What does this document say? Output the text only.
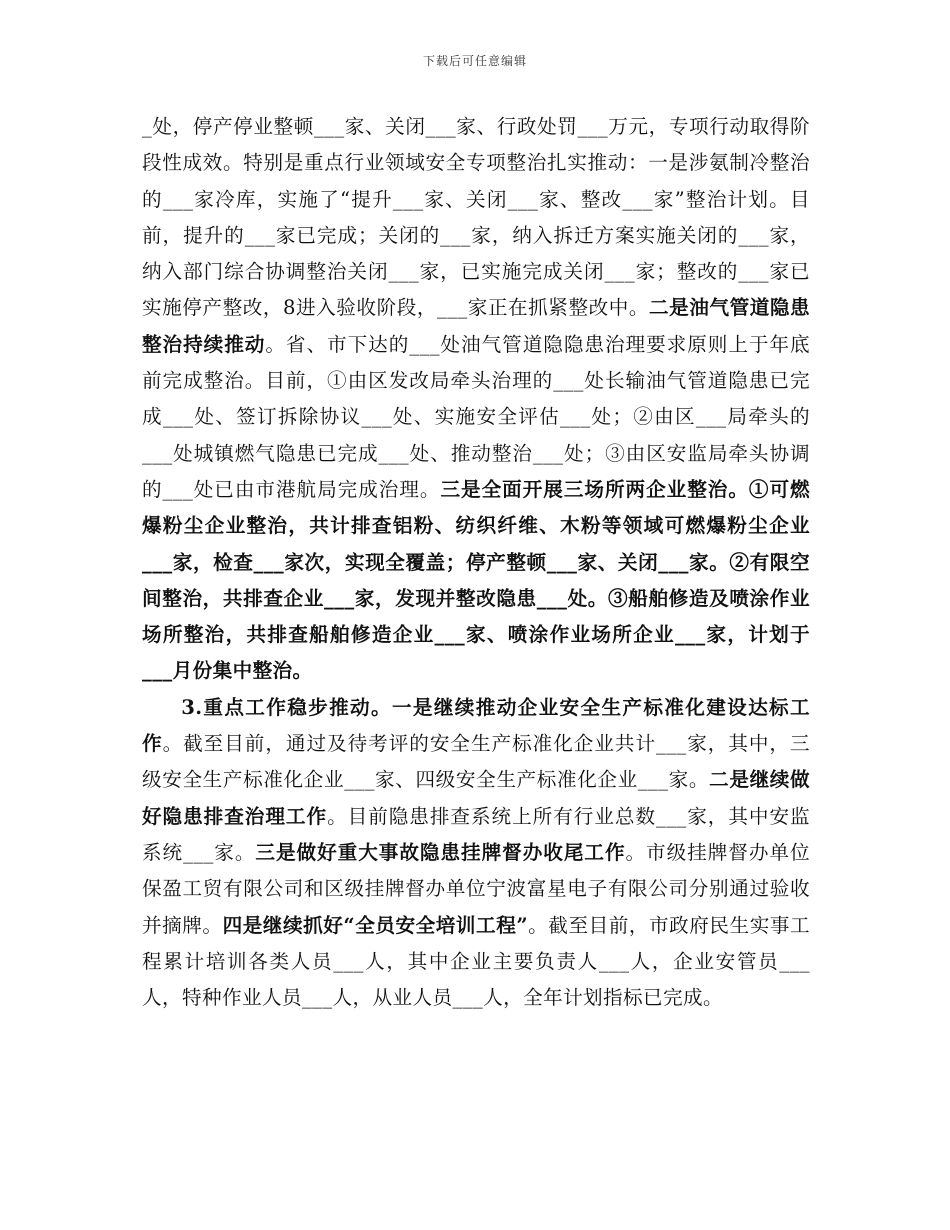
下载后可任意编辑

_处，停产停业整顿___家、关闭___家、行政处罚___万元，专项行动取得阶段性成效。特别是重点行业领域安全专项整治扎实推动：一是涉氨制冷整治的___家冷库，实施了“提升___家、关闭___家、整改___家”整治计划。目前，提升的___家已完成；关闭的___家，纳入拆迁方案实施关闭的___家，纳入部门综合协调整治关闭___家，已实施完成关闭___家；整改的___家已实施停产整改，8进入验收阶段，___家正在抓紧整改中。二是油气管道隐患整治持续推动。省、市下达的___处油气管道隐隐患治理要求原则上于年底前完成整治。目前，①由区发改局牵头治理的___处长输油气管道隐患已完成___处、签订拆除协议___处、实施安全评估___处；②由区___局牵头的___处城镇燃气隐患已完成___处、推动整治___处；③由区安监局牵头协调的___处已由市港航局完成治理。三是全面开展三场所两企业整治。①可燃爆粉尘企业整治，共计排查铝粉、纺织纤维、木粉等领域可燃爆粉尘企业___家，检查___家次，实现全覆盖；停产整顿___家、关闭___家。②有限空间整治，共排查企业___家，发现并整改隐患___处。③船舶修造及喷涂作业场所整治，共排查船舶修造企业___家、喷涂作业场所企业___家，计划于___月份集中整治。

3.重点工作稳步推动。一是继续推动企业安全生产标准化建设达标工作。截至目前，通过及待考评的安全生产标准化企业共计___家，其中，三级安全生产标准化企业___家、四级安全生产标准化企业___家。二是继续做好隐患排查治理工作。目前隐患排查系统上所有行业总数___家，其中安监系统___家。三是做好重大事故隐患挂牌督办收尾工作。市级挂牌督办单位保盈工贸有限公司和区级挂牌督办单位宁波富星电子有限公司分别通过验收并摘牌。四是继续抓好“全员安全培训工程”。截至目前，市政府民生实事工程累计培训各类人员___人，其中企业主要负责人___人，企业安管员___人，特种作业人员___人，从业人员___人，全年计划指标已完成。
